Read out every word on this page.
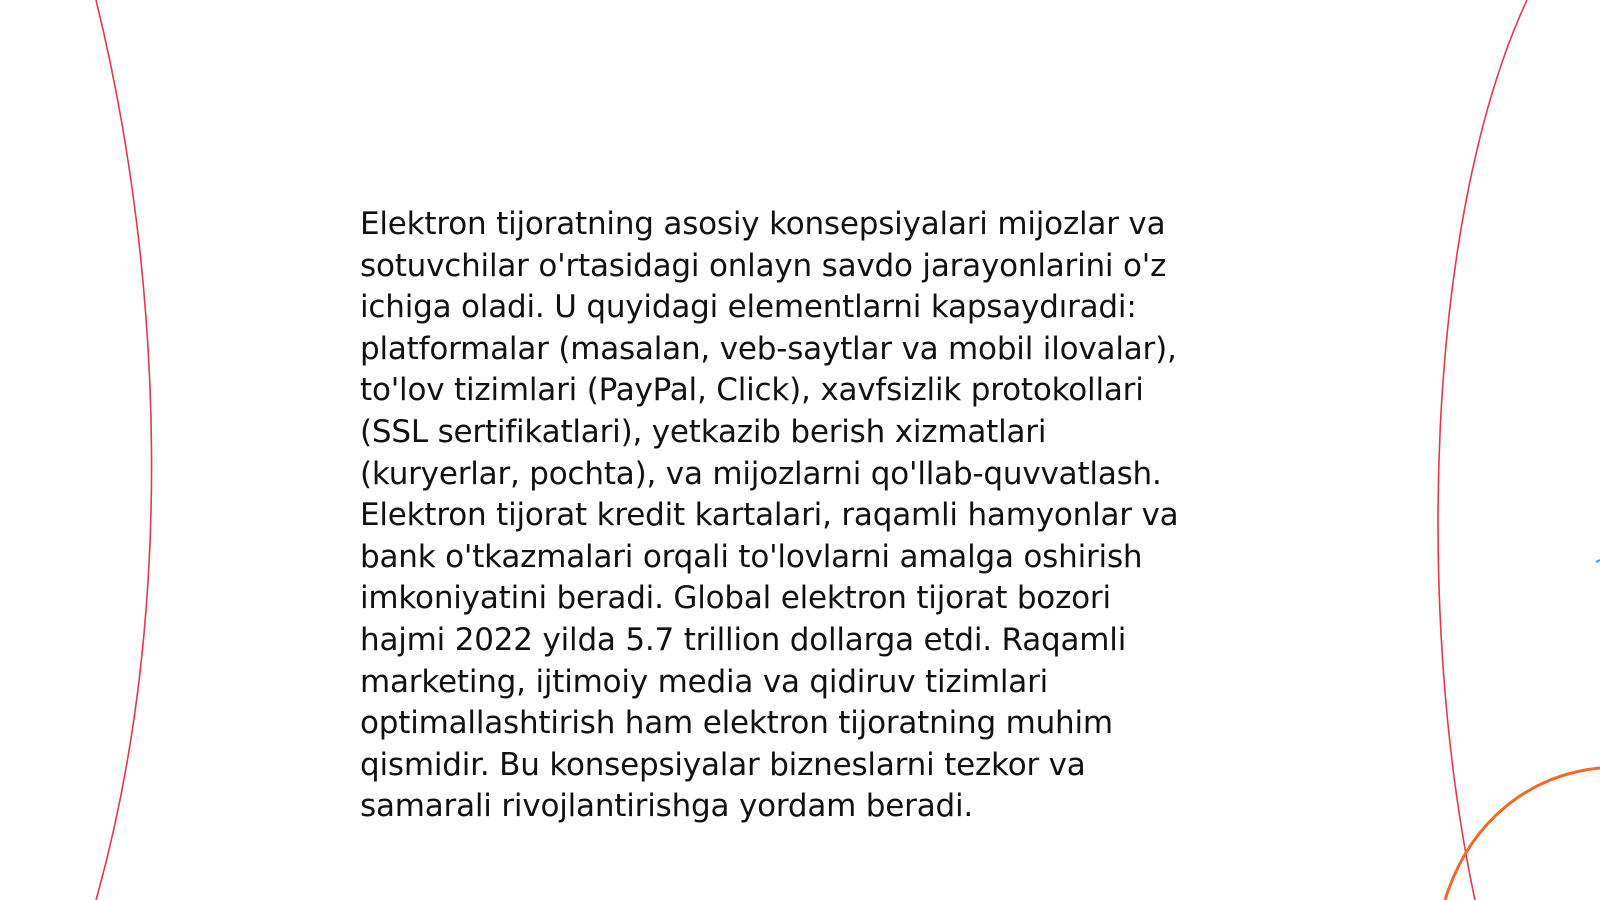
Elektron tijoratning asosiy konsepsiyalari mijozlar va
sotuvchilar o'rtasidagi onlayn savdo jarayonlarini o'z
ichiga oladi. U quyidagi elementlarni kapsaydıradi:
platformalar (masalan, veb-saytlar va mobil ilovalar),
to'lov tizimlari (PayPal, Click), xavfsizlik protokollari
(SSL sertifikatlari), yetkazib berish xizmatlari
(kuryerlar, pochta), va mijozlarni qo'llab-quvvatlash.
Elektron tijorat kredit kartalari, raqamli hamyonlar va
bank o'tkazmalari orqali to'lovlarni amalga oshirish
imkoniyatini beradi. Global elektron tijorat bozori
hajmi 2022 yilda 5.7 trillion dollarga etdi. Raqamli
marketing, ijtimoiy media va qidiruv tizimlari
optimallashtirish ham elektron tijoratning muhim
qismidir. Bu konsepsiyalar bizneslarni tezkor va
samarali rivojlantirishga yordam beradi.
